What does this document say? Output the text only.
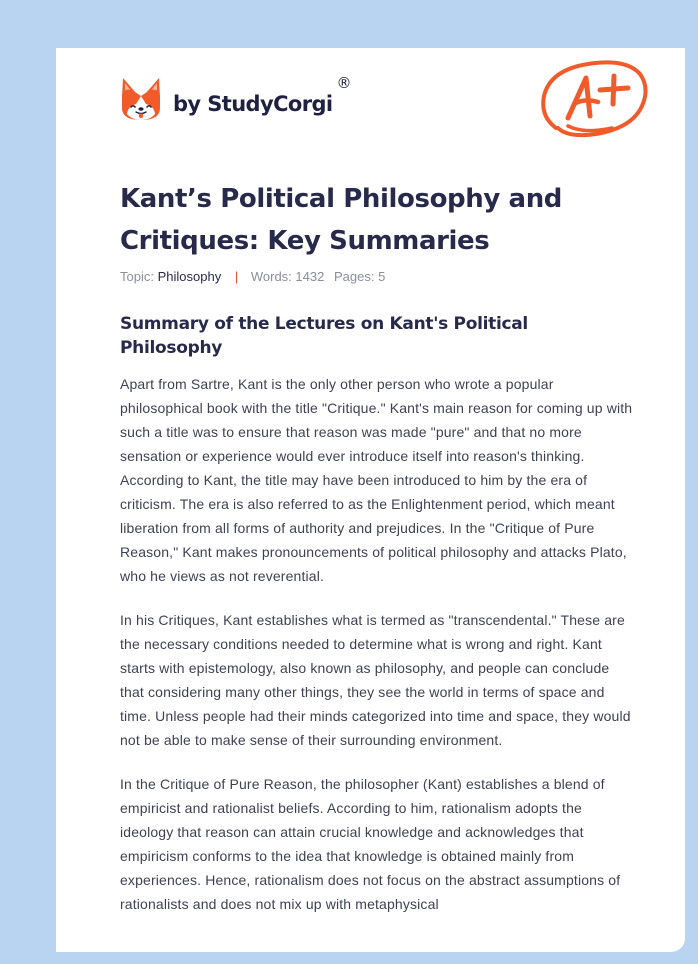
by StudyCorgi
®
Kant’s Political Philosophy and Critiques: Key Summaries
Topic: Philosophy | Words: 1432 Pages: 5
Summary of the Lectures on Kant's Political Philosophy

Apart from Sartre, Kant is the only other person who wrote a popular philosophical book with the title "Critique." Kant's main reason for coming up with such a title was to ensure that reason was made "pure" and that no more sensation or experience would ever introduce itself into reason's thinking. According to Kant, the title may have been introduced to him by the era of criticism. The era is also referred to as the Enlightenment period, which meant liberation from all forms of authority and prejudices. In the "Critique of Pure Reason," Kant makes pronouncements of political philosophy and attacks Plato, who he views as not reverential.

In his Critiques, Kant establishes what is termed as "transcendental." These are the necessary conditions needed to determine what is wrong and right. Kant starts with epistemology, also known as philosophy, and people can conclude that considering many other things, they see the world in terms of space and time. Unless people had their minds categorized into time and space, they would not be able to make sense of their surrounding environment.

In the Critique of Pure Reason, the philosopher (Kant) establishes a blend of empiricist and rationalist beliefs. According to him, rationalism adopts the ideology that reason can attain crucial knowledge and acknowledges that empiricism conforms to the idea that knowledge is obtained mainly from experiences. Hence, rationalism does not focus on the abstract assumptions of rationalists and does not mix up with metaphysical
